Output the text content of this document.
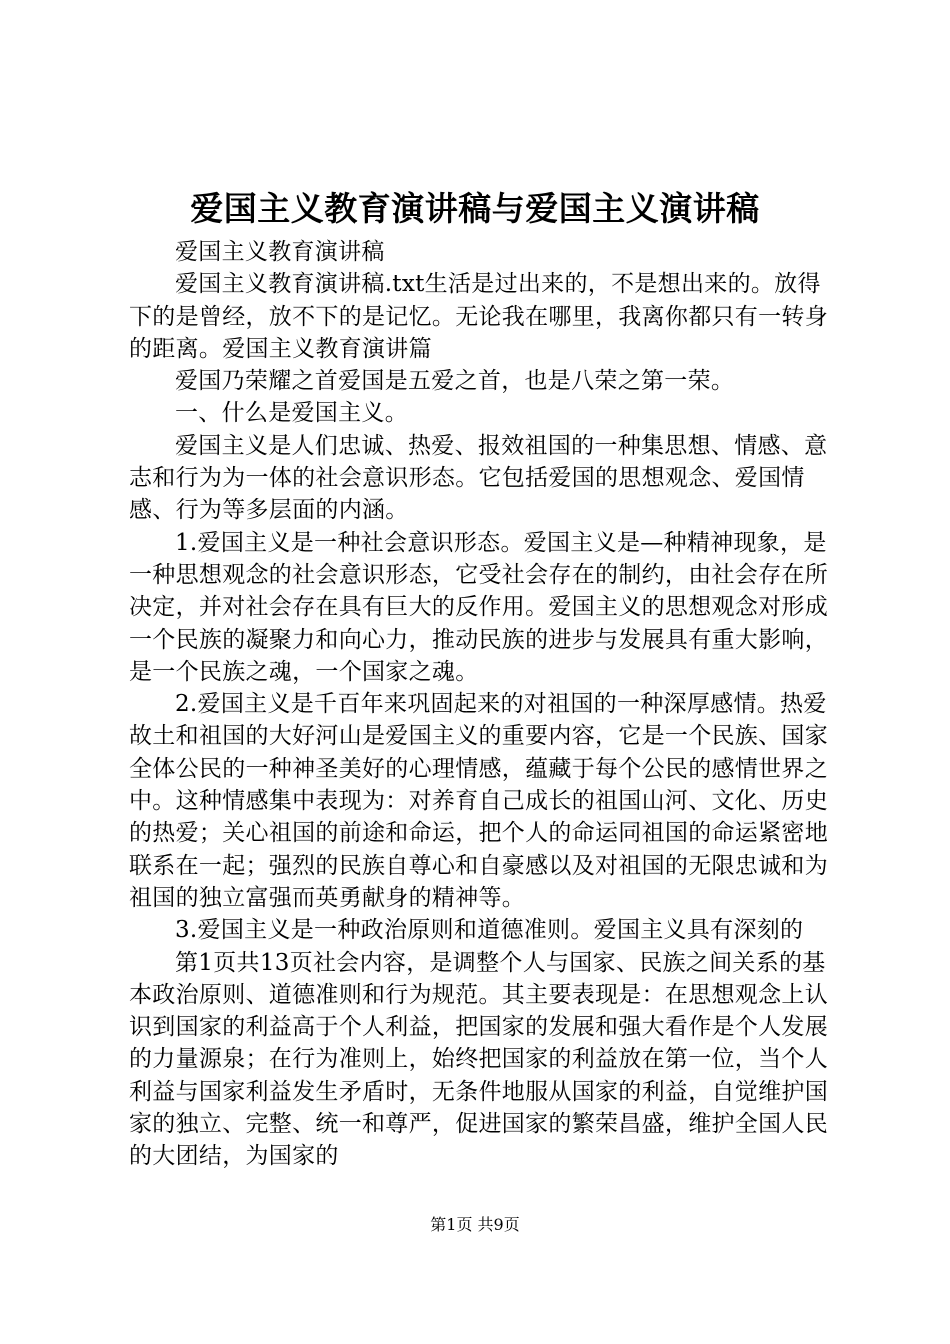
爱国主义教育演讲稿与爱国主义演讲稿

爱国主义教育演讲稿

爱国主义教育演讲稿.txt生活是过出来的，不是想出来的。放得下的是曾经，放不下的是记忆。无论我在哪里，我离你都只有一转身的距离。爱国主义教育演讲篇

爱国乃荣耀之首爱国是五爱之首，也是八荣之第一荣。

一、什么是爱国主义。

爱国主义是人们忠诚、热爱、报效祖国的一种集思想、情感、意志和行为为一体的社会意识形态。它包括爱国的思想观念、爱国情感、行为等多层面的内涵。

1.爱国主义是一种社会意识形态。爱国主义是—种精神现象，是一种思想观念的社会意识形态，它受社会存在的制约，由社会存在所决定，并对社会存在具有巨大的反作用。爱国主义的思想观念对形成一个民族的凝聚力和向心力，推动民族的进步与发展具有重大影响，是一个民族之魂，一个国家之魂。

2.爱国主义是千百年来巩固起来的对祖国的一种深厚感情。热爱故土和祖国的大好河山是爱国主义的重要内容，它是一个民族、国家全体公民的一种神圣美好的心理情感，蕴藏于每个公民的感情世界之中。这种情感集中表现为：对养育自己成长的祖国山河、文化、历史的热爱；关心祖国的前途和命运，把个人的命运同祖国的命运紧密地联系在一起；强烈的民族自尊心和自豪感以及对祖国的无限忠诚和为祖国的独立富强而英勇献身的精神等。

3.爱国主义是一种政治原则和道德准则。爱国主义具有深刻的

第1页共13页社会内容，是调整个人与国家、民族之间关系的基本政治原则、道德准则和行为规范。其主要表现是：在思想观念上认识到国家的利益高于个人利益，把国家的发展和强大看作是个人发展的力量源泉；在行为准则上，始终把国家的利益放在第一位，当个人利益与国家利益发生矛盾时，无条件地服从国家的利益，自觉维护国家的独立、完整、统一和尊严，促进国家的繁荣昌盛，维护全国人民的大团结，为国家的

第1页 共9页
